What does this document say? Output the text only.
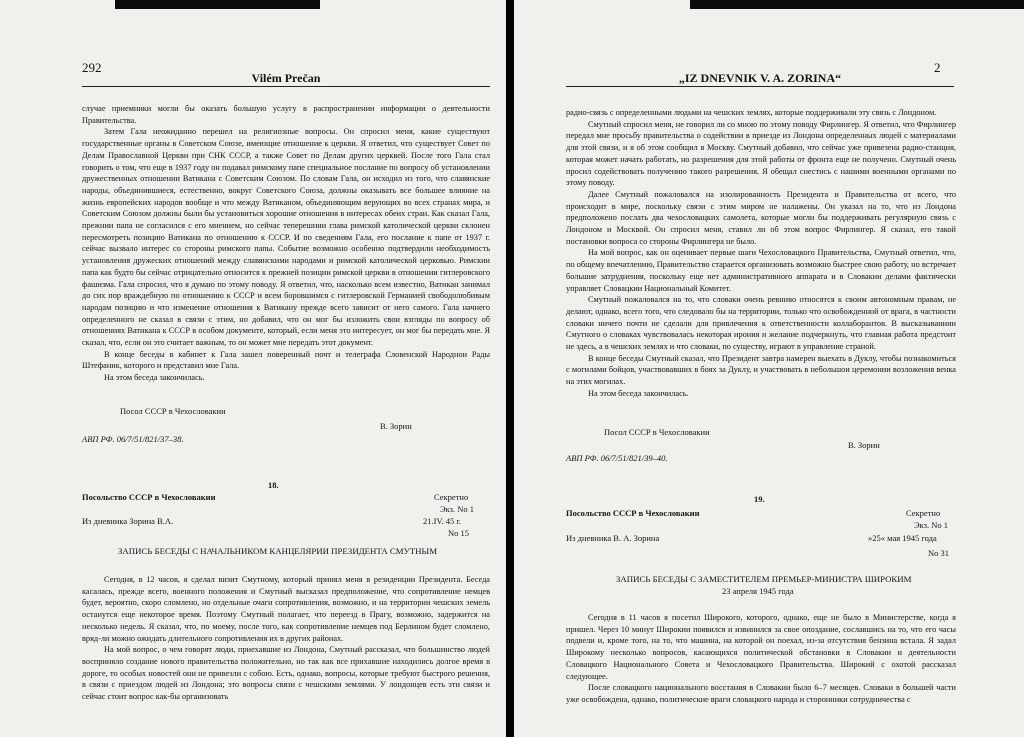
292
Vilém Prečan

случае приемники могли бы оказать большую услугу в распространении информации о деятельности Правительства.

Затем Гала неожиданно перешел на религиозные вопросы. Он спросил меня, какие существуют государственные органы в Советском Союзе, имеющие отношение к церкви. Я ответил, что существует Совет по Делам Православной Церкви при СНК СССР, а также Совет по Делам других церквей. После того Гала стал говорить о том, что еще в 1937 году он подавал римскому папе специальное послание по вопросу об установлении дружественных отношении Ватикана с Советским Союзом. По словам Гала, он исходил из того, что славянские народы, объединившиеся, естественно, вокруг Советского Союза, должны оказывать все большее влияние на жизнь европейских народов вообще и что между Ватиканом, объединяющим верующих во всех странах мира, и Советским Союзом должны были бы установиться хорошие отношения в интересах обеих стран. Как сказал Гала, прежнии папа не согласился с его мнением, но сейчас теперешнии глава римской католической церкви склонен пересмотреть позицию Ватикана по отношению к СССР. И по сведениям Гала, его послание к папе от 1937 г. сейчас вызвало интерес со стороны римского папы. Событие возможно особенно подтвердили необходимость установления дружеских отношений между славянскими народами и римской католической церковью. Римскии папа как будто бы сейчас отрицательно относится к прежней позиции римской церкви в отношении гитлеровского фашизма. Гала спросил, что я думаю по этому поводу. Я ответил, что, насколько всем известно, Ватикан занимал до сих пор враждебную по отношению к СССР и всем боровшимся с гитлеровской Германией свободолюбивым народам позицию и что изменение отношения к Ватикану прежде всего зависит от него самого. Гала начнего определенного не сказал в связи с этим, но добавил, что он мог бы изложить свои взгляды по вопросу об отношениях Ватикана к СССР в особом документе, который, если меня это интересует, он мог бы передать мне. Я сказал, что, если он это считает важным, то он может мне передать этот документ.

В конце беседы в кабинет к Гала зашел поверенный почт и телеграфа Словенской Народнои Рады Штефаник, которого и представил мне Гала.

На этом беседа закончилась.

Посол СССР в Чехословакии
В. Зорин
АВП РФ. 06/7/51/821/37–38.
18.
Посольство СССР в Чехословакии	Секретно
Экз. No 1
Из дневника Зорина В.А.	21.IV. 45 г.
No 15
ЗАПИСЬ БЕСЕДЫ С НАЧАЛЬНИКОМ КАНЦЕЛЯРИИ ПРЕЗИДЕНТА СМУТНЫМ

Сегодня, в 12 часов, я сделал визит Смутному, который принял меня в резиденции Президента. Беседа касалась, прежде всего, военного положения и Смутный высказал предположение, что сопротивление немцев будет, вероятно, скоро сломлено, но отдельные очаги сопротивления, возможно, и на территории чешских земель останутся еще некоторое время. Поэтому Смутный полагает, что переезд в Прагу, возможно, задержится на несколько недель. Я сказал, что, по моему, после того, как сопротивление немцев под Берлином будет сломлено, вряд-ли можно ожидать длительного сопротивления их в других районах.

На мой вопрос, о чем говорят люди, приехавшие из Лондона, Смутный рассказал, что большинство людей восприняло создание нового правительства положительно, но так как все прихавшие находились долгое время в дороге, то особых новостей они не привезли с собою. Есть, однако, вопросы, которые требуют быстрого решения, в связи с приездом людей из Лондона; это вопросы связи с чешскими землями. У лондонцев есть эти связи и сейчас стоит вопрос как-бы организовать

2
„IZ DNEVNIK V. A. ZORINA“

радио-связь с определенными людьми на чешских землях, которые поддерживали эту связь с Лондоном.

Смутный спросил меня, не говорил ли со мною по этому поводу Фирлингер. Я ответил, что Фирлингер передал мне просьбу правительства о содействии в приезде из Лондона определенных людей с материалами для этой связи, и я об этом сообщил в Москву. Смутный добавил, что сейчас уже привезена радио-станция, которая может начать работать, но разрешения для этой работы от фронта еще не получено. Смутный очень просил содействовать получению такого разрешения. Я обещал снестись с нашими военными органами по этому поводу.

Далее Смутный пожаловался на изолированность Президента и Правительства от всего, что происходит в мире, поскольку связи с этим миром не налажены. Он указал на то, что из Лондона предположено послать два чехословацких самолета, которые могли бы поддерживать регулярную связь с Лондоном и Москвой. Он спросил меня, ставил ли об этом вопрос Фирлингер. Я сказал, его такой постановки вопроса со стороны Фирлингера не было.

На мой вопрос, как он оценивает первые шаги Чехословацкого Правительства, Смутный ответил, что, по общему впечатлению, Правительство старается организовать возможно быстрее свою работу, но встречает большие затруднения, поскольку еще нет административного аппарата и в Словакии делами фактически управляет Словацкии Национальный Комитет.

Смутный пожаловался на то, что словаки очень ревниво относятся к своим автономным правам, не делают, однако, всего того, что следовало бы на территории, только что освобожденной от врага, в частности словаки ничего почти не сделали для привлечения к ответственности коллаборантов. В высказываниии Смутного о словаках чувствовалась некоторая ирония и желание подчеркнуть, что главная работа предстоит не здесь, а в чешских землях и что словаки, по существу, играют в управление страной.

В конце беседы Смутный сказал, что Президент завтра намерен выехать в Дуклу, чтобы познакомиться с могилами бойцов, участвовавших в боях за Дуклу, и участвовать в небольшои церемонии возложения венка на этих могилах.

На этом беседа закончилась.

Посол СССР в Чехословакии
В. Зорин
АВП РФ. 06/7/51/821/39–40.
19.
Посольство СССР в Чехословакии	Секретно
Экз. No 1
Из дневника В. А. Зорина	»25« мая 1945 года
No 31
ЗАПИСЬ БЕСЕДЫ С ЗАМЕСТИТЕЛЕМ ПРЕМЬЕР-МИНИСТРА ШИРОКИМ
23 апреля 1945 года

Сегодня в 11 часов я посетил Широкого, которого, однако, еще не было в Министерстве, когда я пришел. Через 10 минут Широкии появился и извинился за свое опоздание, сославшись на то, что его часы подвели и, кроме того, на то, что машина, на которой он поехал, из-за отсутствия бензина встала. Я задал Широкому несколько вопросов, касающихся политической обстановки в Словакии и деятельности Словацкого Национального Совета и Чехословацкого Правительства. Широкий с охотой рассказал следующее.

После словацкого национального восстания в Словакии было 6–7 месяцев. Словаки в большей части уже освобождена, однако, политические враги словацкого народа и сторонники сотрудничества с
